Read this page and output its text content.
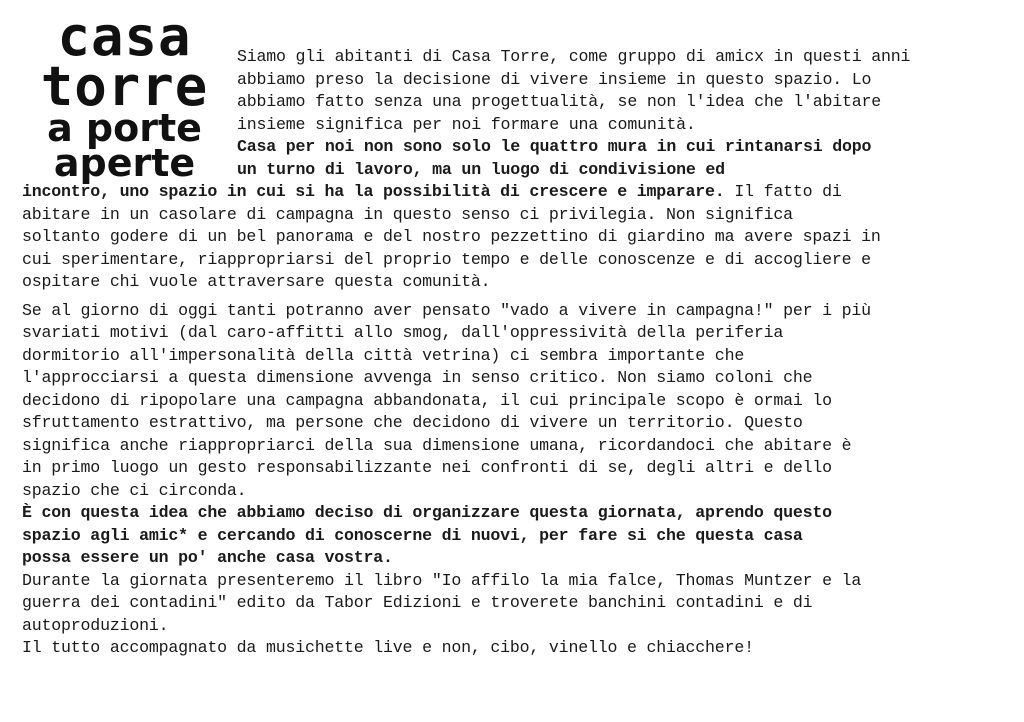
casa
torre
a porte
aperte
Siamo gli abitanti di Casa Torre, come gruppo di amicx in questi anni
abbiamo preso la decisione di vivere insieme in questo spazio. Lo
abbiamo fatto senza una progettualità, se non l'idea che l'abitare
insieme significa per noi formare una comunità.
Casa per noi non sono solo le quattro mura in cui rintanarsi dopo
un turno di lavoro, ma un luogo di condivisione ed
incontro, uno spazio in cui si ha la possibilità di crescere e imparare. Il fatto di
abitare in un casolare di campagna in questo senso ci privilegia. Non significa
soltanto godere di un bel panorama e del nostro pezzettino di giardino ma avere spazi in
cui sperimentare, riappropriarsi del proprio tempo e delle conoscenze e di accogliere e
ospitare chi vuole attraversare questa comunità.
Se al giorno di oggi tanti potranno aver pensato "vado a vivere in campagna!" per i più
svariati motivi (dal caro-affitti allo smog, dall'oppressività della periferia
dormitorio all'impersonalità della città vetrina) ci sembra importante che
l'approcciarsi a questa dimensione avvenga in senso critico. Non siamo coloni che
decidono di ripopolare una campagna abbandonata, il cui principale scopo è ormai lo
sfruttamento estrattivo, ma persone che decidono di vivere un territorio. Questo
significa anche riappropriarci della sua dimensione umana, ricordandoci che abitare è
in primo luogo un gesto responsabilizzante nei confronti di se, degli altri e dello
spazio che ci circonda.
È con questa idea che abbiamo deciso di organizzare questa giornata, aprendo questo
spazio agli amic* e cercando di conoscerne di nuovi, per fare si che questa casa
possa essere un po' anche casa vostra.
Durante la giornata presenteremo il libro "Io affilo la mia falce, Thomas Muntzer e la
guerra dei contadini" edito da Tabor Edizioni e troverete banchini contadini e di
autoproduzioni.
Il tutto accompagnato da musichette live e non, cibo, vinello e chiacchere!
